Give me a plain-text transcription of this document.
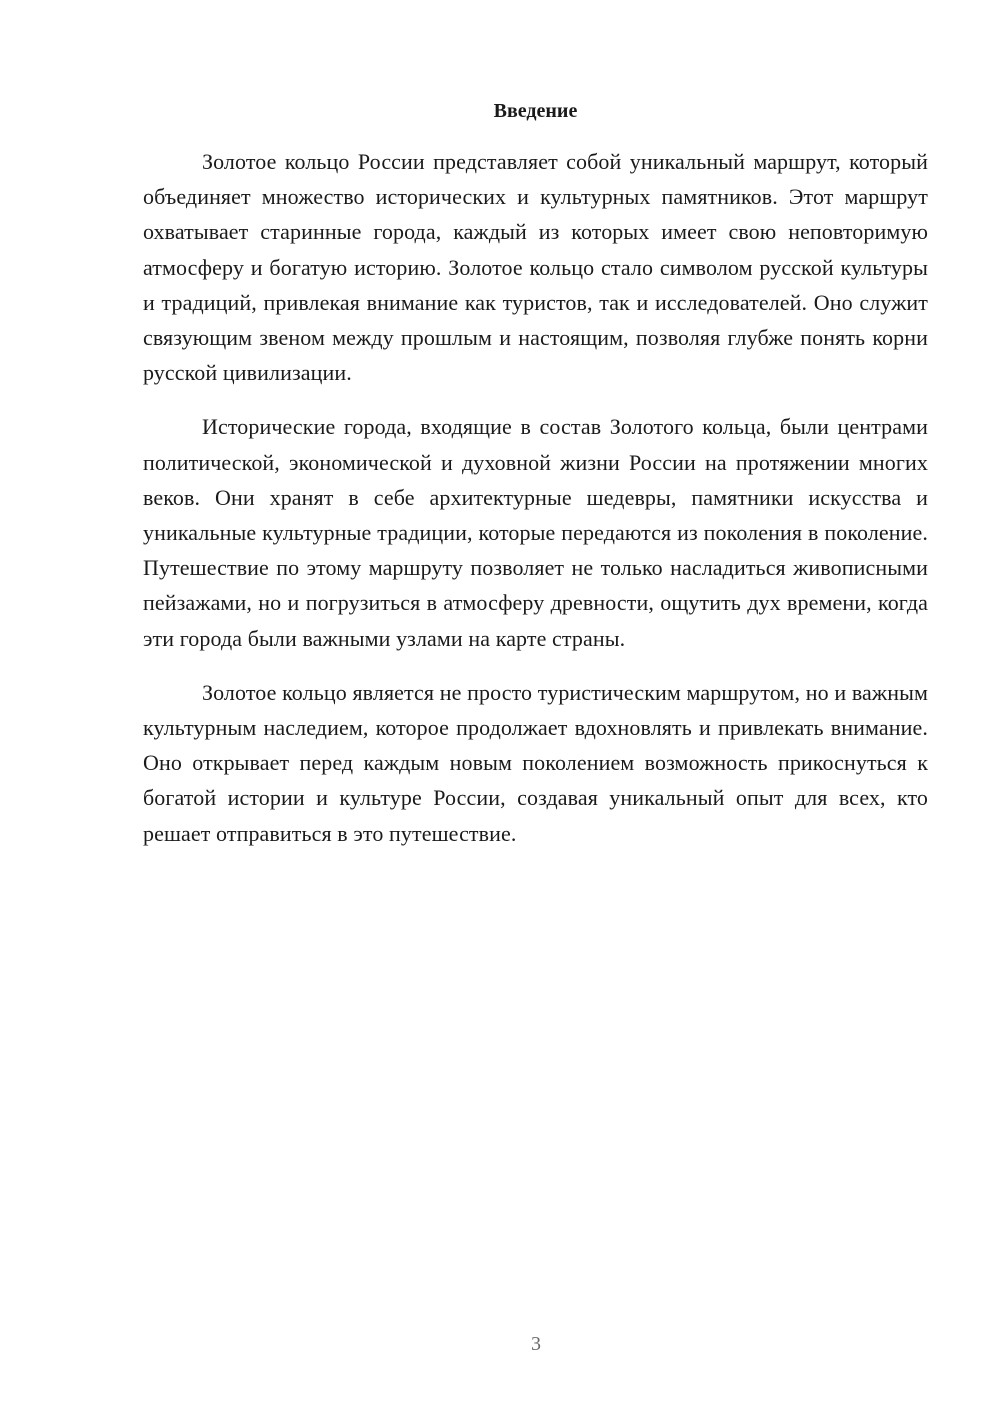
Введение

Золотое кольцо России представляет собой уникальный маршрут, который объединяет множество исторических и культурных памятников. Этот маршрут охватывает старинные города, каждый из которых имеет свою неповторимую атмосферу и богатую историю. Золотое кольцо стало символом русской культуры и традиций, привлекая внимание как туристов, так и исследователей. Оно служит связующим звеном между прошлым и настоящим, позволяя глубже понять корни русской цивилизации.

Исторические города, входящие в состав Золотого кольца, были центрами политической, экономической и духовной жизни России на протяжении многих веков. Они хранят в себе архитектурные шедевры, памятники искусства и уникальные культурные традиции, которые передаются из поколения в поколение. Путешествие по этому маршруту позволяет не только насладиться живописными пейзажами, но и погрузиться в атмосферу древности, ощутить дух времени, когда эти города были важными узлами на карте страны.

Золотое кольцо является не просто туристическим маршрутом, но и важным культурным наследием, которое продолжает вдохновлять и привлекать внимание. Оно открывает перед каждым новым поколением возможность прикоснуться к богатой истории и культуре России, создавая уникальный опыт для всех, кто решает отправиться в это путешествие.

3
